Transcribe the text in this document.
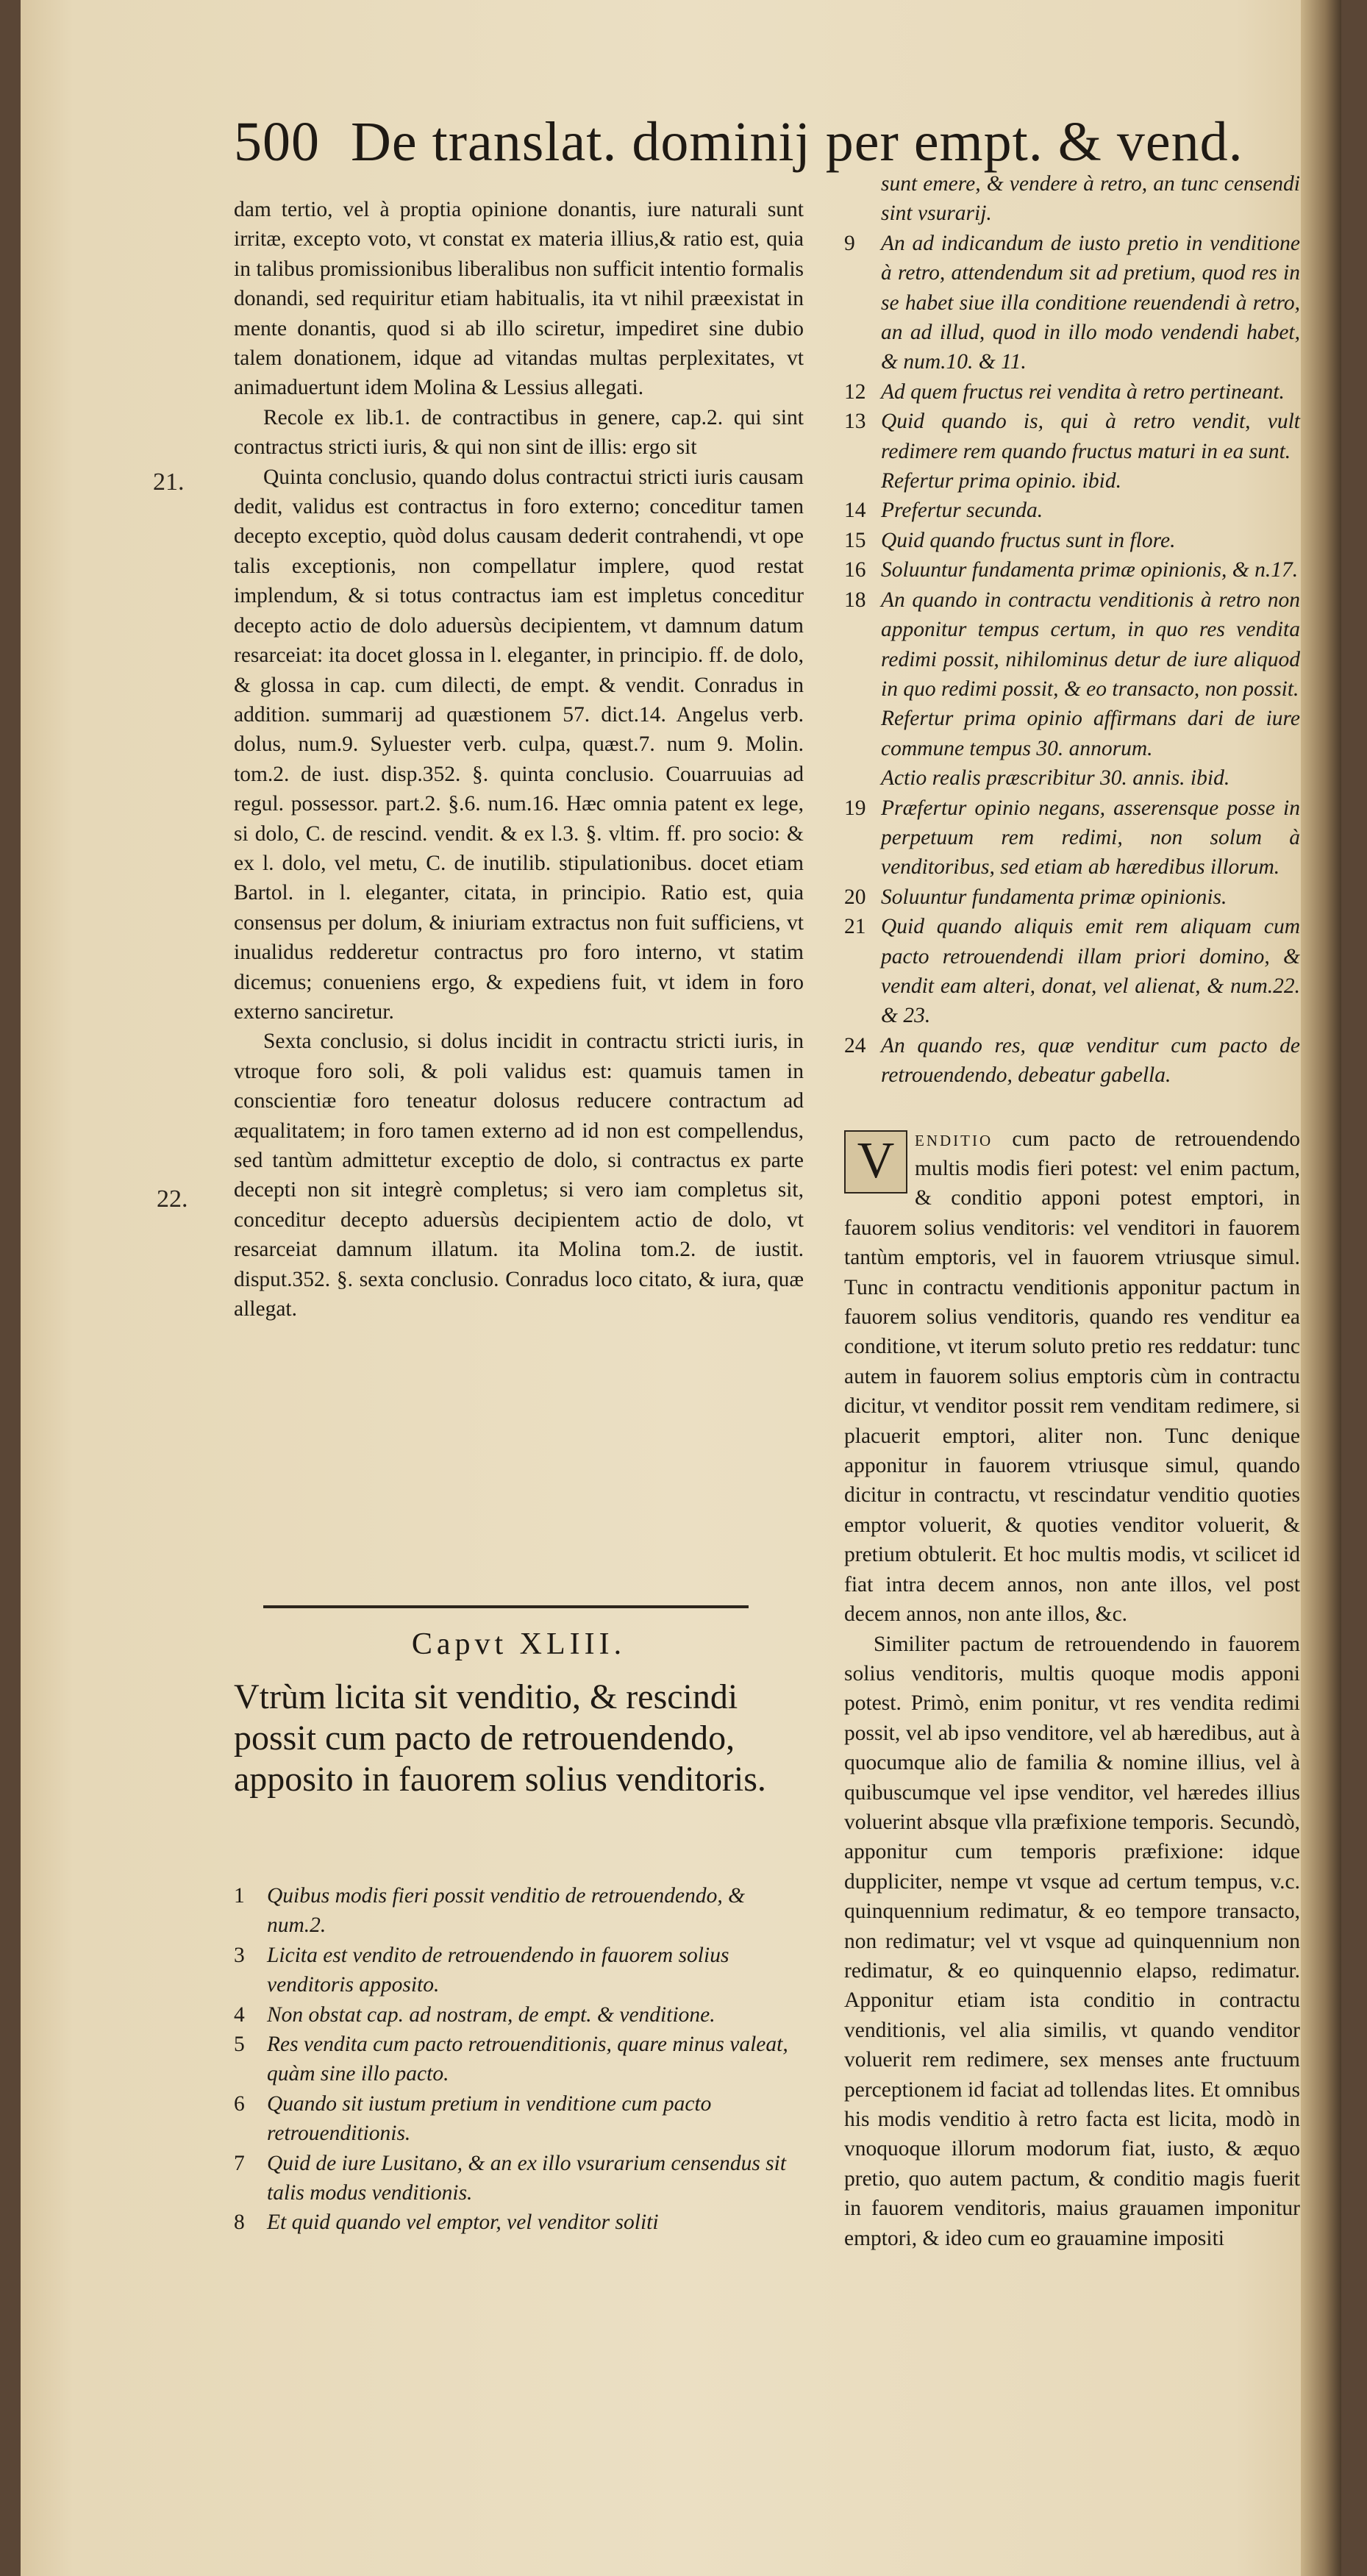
500 De translat. dominij per empt. & vend.

dam tertio, vel à proptia opinione donantis, iure naturali sunt irritæ, excepto voto, vt constat ex materia illius,& ratio est, quia in talibus promissionibus liberalibus non sufficit intentio formalis donandi, sed requiritur etiam habitualis, ita vt nihil præexistat in mente donantis, quod si ab illo sciretur, impediret sine dubio talem donationem, idque ad vitandas multas perplexitates, vt animaduertunt idem Molina & Lessius allegati.

Recole ex lib.1. de contractibus in genere, cap.2. qui sint contractus stricti iuris, & qui non sint de illis: ergo sit

Quinta conclusio, quando dolus contractui stricti iuris causam dedit, validus est contractus in foro externo; conceditur tamen decepto exceptio, quòd dolus causam dederit contrahendi, vt ope talis exceptionis, non compellatur implere, quod restat implendum, & si totus contractus iam est impletus conceditur decepto actio de dolo aduersùs decipientem, vt damnum datum resarceiat: ita docet glossa in l. eleganter, in principio. ff. de dolo, & glossa in cap. cum dilecti, de empt. & vendit. Conradus in addition. summarij ad quæstionem 57. dict.14. Angelus verb. dolus, num.9. Syluester verb. culpa, quæst.7. num 9. Molin. tom.2. de iust. disp.352. §. quinta conclusio. Couarruuias ad regul. possessor. part.2. §.6. num.16. Hæc omnia patent ex lege, si dolo, C. de rescind. vendit. & ex l.3. §. vltim. ff. pro socio: & ex l. dolo, vel metu, C. de inutilib. stipulationibus. docet etiam Bartol. in l. eleganter, citata, in principio. Ratio est, quia consensus per dolum, & iniuriam extractus non fuit sufficiens, vt inualidus redderetur contractus pro foro interno, vt statim dicemus; conueniens ergo, & expediens fuit, vt idem in foro externo sanciretur.

Sexta conclusio, si dolus incidit in contractu stricti iuris, in vtroque foro soli, & poli validus est: quamuis tamen in conscientiæ foro teneatur dolosus reducere contractum ad æqualitatem; in foro tamen externo ad id non est compellendus, sed tantùm admittetur exceptio de dolo, si contractus ex parte decepti non sit integrè completus; si vero iam completus sit, conceditur decepto aduersùs decipientem actio de dolo, vt resarceiat damnum illatum. ita Molina tom.2. de iustit. disput.352. §. sexta conclusio. Conradus loco citato, & iura, quæ allegat.

21.
22.
Capvt XLIII.
Vtrùm licita sit venditio, & rescindi possit cum pacto de retrouendendo, apposito in fauorem solius venditoris.
1	Quibus modis fieri possit venditio de retrouendendo, & num.2.
3	Licita est vendito de retrouendendo in fauorem solius venditoris apposito.
4	Non obstat cap. ad nostram, de empt. & venditione.
5	Res vendita cum pacto retrouenditionis, quare minus valeat, quàm sine illo pacto.
6	Quando sit iustum pretium in venditione cum pacto retrouenditionis.
7	Quid de iure Lusitano, & an ex illo vsurarium censendus sit talis modus venditionis.
8	Et quid quando vel emptor, vel venditor soliti
sunt emere, & vendere à retro, an tunc censendi sint vsurarij.
9	An ad indicandum de iusto pretio in venditione à retro, attendendum sit ad pretium, quod res in se habet siue illa conditione reuendendi à retro, an ad illud, quod in illo modo vendendi habet, & num.10. & 11.
12 Ad quem fructus rei vendita à retro pertineant.
13 Quid quando is, qui à retro vendit, vult redimere rem quando fructus maturi in ea sunt.
Refertur prima opinio. ibid.
14 Prefertur secunda.
15 Quid quando fructus sunt in flore.
16 Soluuntur fundamenta primæ opinionis, & n.17.
18 An quando in contractu venditionis à retro non apponitur tempus certum, in quo res vendita redimi possit, nihilominus detur de iure aliquod in quo redimi possit, & eo transacto, non possit.
Refertur prima opinio affirmans dari de iure commune tempus 30. annorum.
Actio realis præscribitur 30. annis. ibid.
19 Præfertur opinio negans, asserensque posse in perpetuum rem redimi, non solum à venditoribus, sed etiam ab hæredibus illorum.
20 Soluuntur fundamenta primæ opinionis.
21 Quid quando aliquis emit rem aliquam cum pacto retrouendendi illam priori domino, & vendit eam alteri, donat, vel alienat, & num.22. & 23.
24 An quando res, quæ venditur cum pacto de retrouendendo, debeatur gabella.

V enditio cum pacto de retrouendendo multis modis fieri potest: vel enim pactum, & conditio apponi potest emptori, in fauorem solius venditoris: vel venditori in fauorem tantùm emptoris, vel in fauorem vtriusque simul. Tunc in contractu venditionis apponitur pactum in fauorem solius venditoris, quando res venditur ea conditione, vt iterum soluto pretio res reddatur: tunc autem in fauorem solius emptoris cùm in contractu dicitur, vt venditor possit rem venditam redimere, si placuerit emptori, aliter non. Tunc denique apponitur in fauorem vtriusque simul, quando dicitur in contractu, vt rescindatur venditio quoties emptor voluerit, & quoties venditor voluerit, & pretium obtulerit. Et hoc multis modis, vt scilicet id fiat intra decem annos, non ante illos, vel post decem annos, non ante illos, &c.

Similiter pactum de retrouendendo in fauorem solius venditoris, multis quoque modis apponi potest. Primò, enim ponitur, vt res vendita redimi possit, vel ab ipso venditore, vel ab hæredibus, aut à quocumque alio de familia & nomine illius, vel à quibuscumque vel ipse venditor, vel hæredes illius voluerint absque vlla præfixione temporis. Secundò, apponitur cum temporis præfixione: idque duppliciter, nempe vt vsque ad certum tempus, v.c. quinquennium redimatur, & eo tempore transacto, non redimatur; vel vt vsque ad quinquennium non redimatur, & eo quinquennio elapso, redimatur. Apponitur etiam ista conditio in contractu venditionis, vel alia similis, vt quando venditor voluerit rem redimere, sex menses ante fructuum perceptionem id faciat ad tollendas lites. Et omnibus his modis venditio à retro facta est licita, modò in vnoquoque illorum modorum fiat, iusto, & æquo pretio, quo autem pactum, & conditio magis fuerit in fauorem venditoris, maius grauamen imponitur emptori, & ideo cum eo grauamine impositi
